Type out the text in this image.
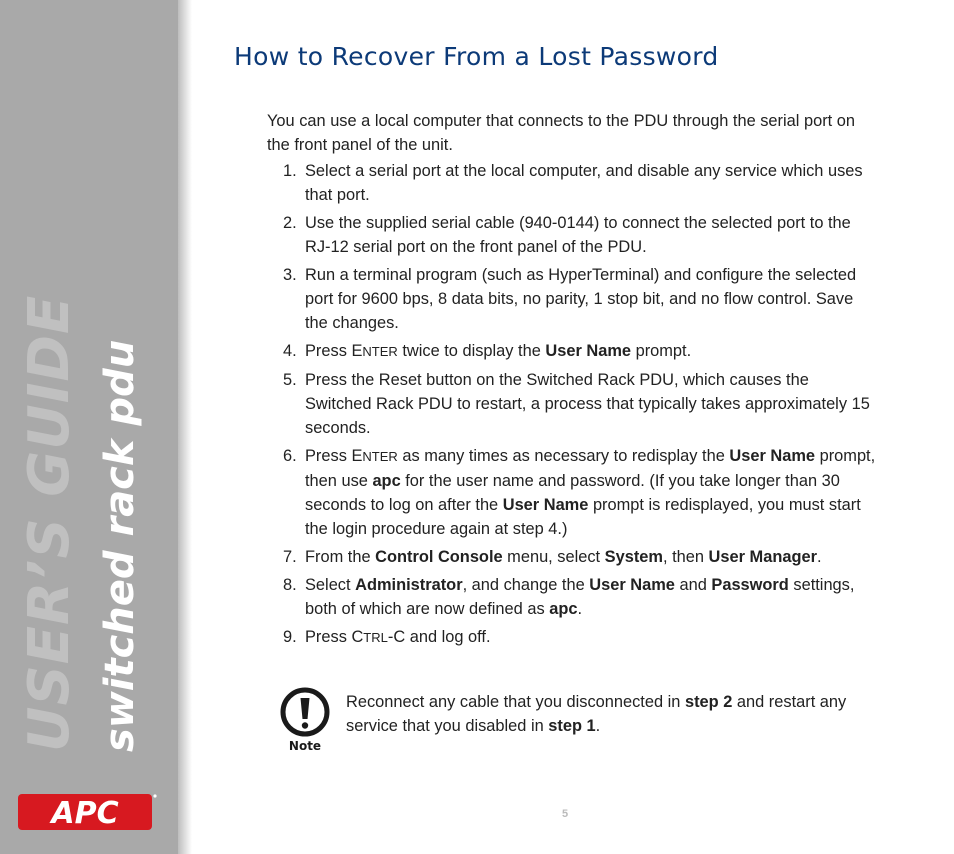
USER’S GUIDE switched rack pdu
APC
How to Recover From a Lost Password

You can use a local computer that connects to the PDU through the serial port on the front panel of the unit.

1. Select a serial port at the local computer, and disable any service which uses that port.
2. Use the supplied serial cable (940-0144) to connect the selected port to the RJ-12 serial port on the front panel of the PDU.
3. Run a terminal program (such as HyperTerminal) and configure the selected port for 9600 bps, 8 data bits, no parity, 1 stop bit, and no flow control. Save the changes.
4. Press ENTER twice to display the User Name prompt.
5. Press the Reset button on the Switched Rack PDU, which causes the Switched Rack PDU to restart, a process that typically takes approximately 15 seconds.
6. Press ENTER as many times as necessary to redisplay the User Name prompt, then use apc for the user name and password. (If you take longer than 30 seconds to log on after the User Name prompt is redisplayed, you must start the login procedure again at step 4.)
7. From the Control Console menu, select System, then User Manager.
8. Select Administrator, and change the User Name and Password settings, both of which are now defined as apc.
9. Press CTRL-C and log off.
Note
Reconnect any cable that you disconnected in step 2 and restart any service that you disabled in step 1.
5
